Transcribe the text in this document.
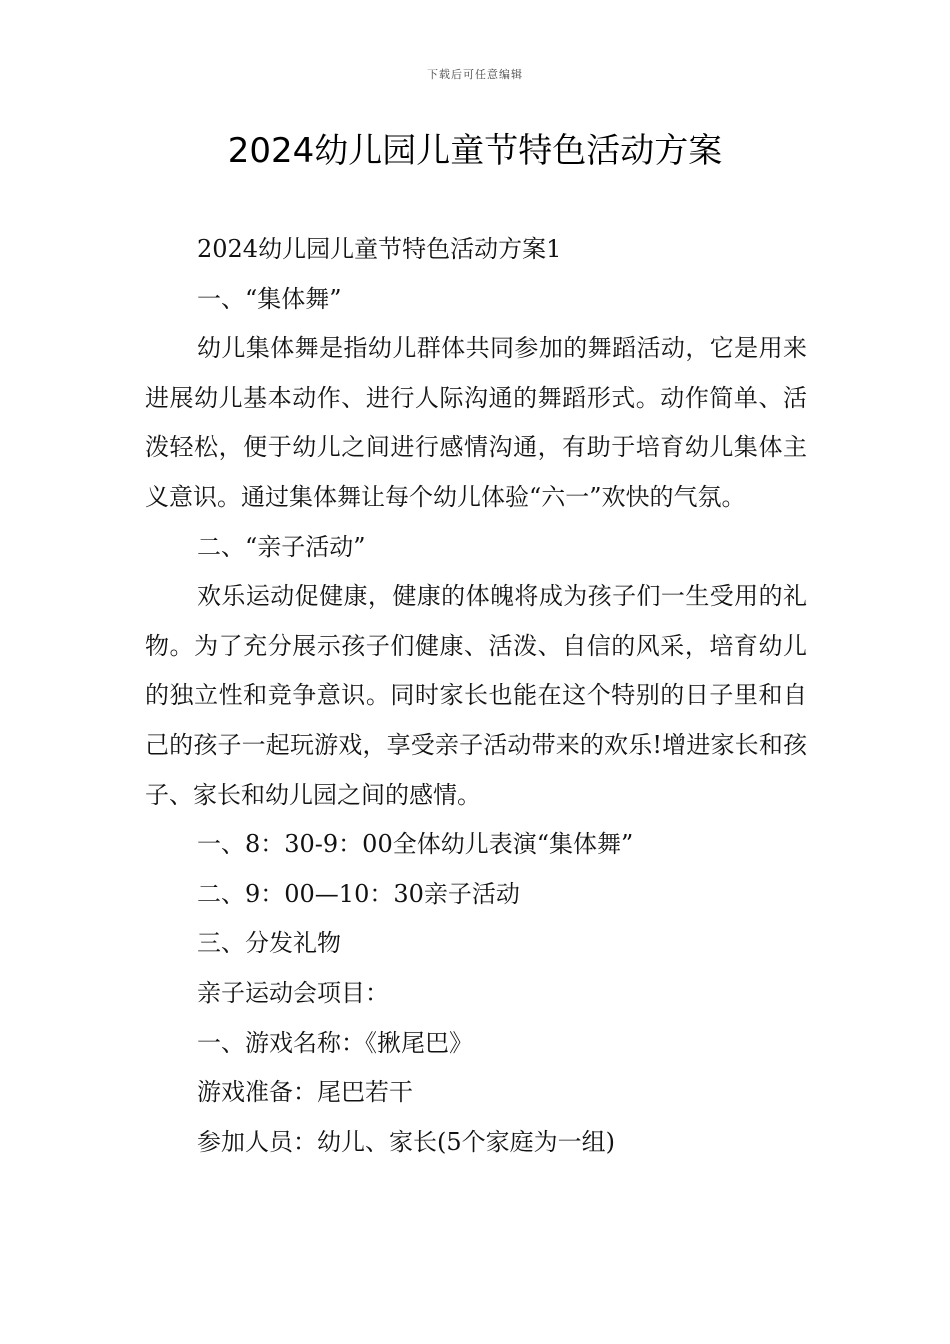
下载后可任意编辑
2024幼儿园儿童节特色活动方案

2024幼儿园儿童节特色活动方案1

一、“集体舞”

幼儿集体舞是指幼儿群体共同参加的舞蹈活动，它是用来进展幼儿基本动作、进行人际沟通的舞蹈形式。动作简单、活泼轻松，便于幼儿之间进行感情沟通，有助于培育幼儿集体主义意识。通过集体舞让每个幼儿体验“六一”欢快的气氛。

二、“亲子活动”

欢乐运动促健康，健康的体魄将成为孩子们一生受用的礼物。为了充分展示孩子们健康、活泼、自信的风采，培育幼儿的独立性和竞争意识。同时家长也能在这个特别的日子里和自己的孩子一起玩游戏，享受亲子活动带来的欢乐!增进家长和孩子、家长和幼儿园之间的感情。

一、8：30-9：00全体幼儿表演“集体舞”

二、9：00—10：30亲子活动

三、分发礼物

亲子运动会项目：

一、游戏名称：《揪尾巴》

游戏准备：尾巴若干

参加人员：幼儿、家长(5个家庭为一组)
